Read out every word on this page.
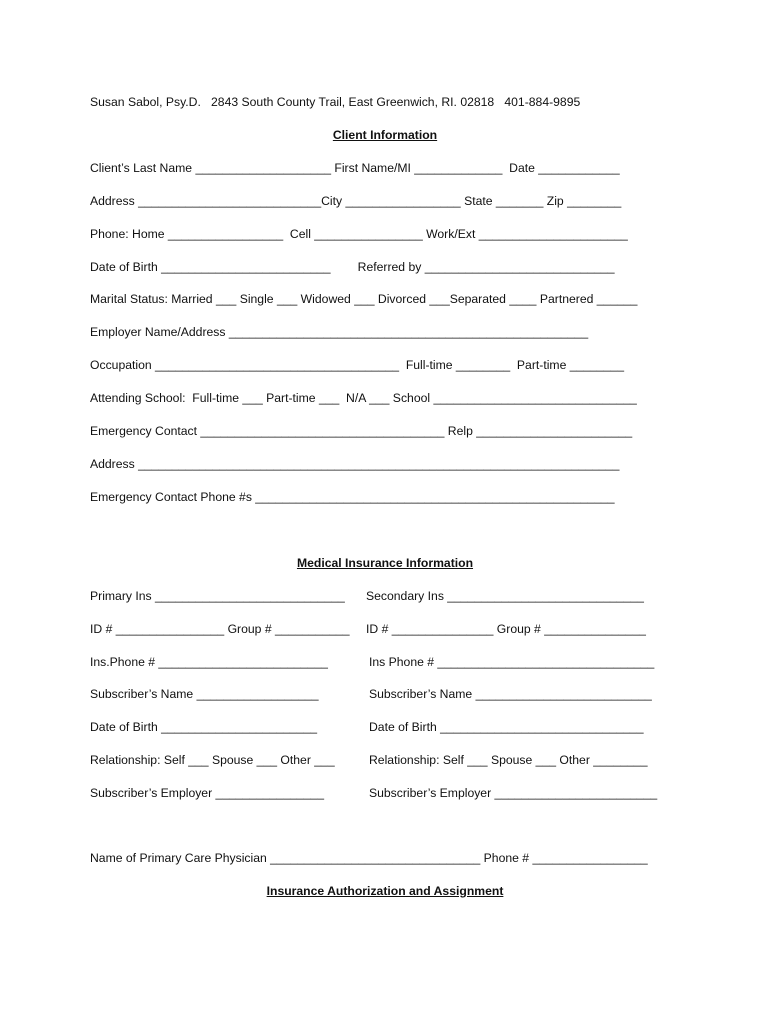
Susan Sabol, Psy.D.   2843 South County Trail, East Greenwich, RI. 02818   401-884-9895
Client Information
Client’s Last Name ____________________ First Name/MI _____________  Date ____________
Address ___________________________City _________________ State _______ Zip ________
Phone: Home _________________  Cell ________________ Work/Ext ______________________
Date of Birth _________________________        Referred by ____________________________
Marital Status: Married ___ Single ___ Widowed ___ Divorced ___Separated ____ Partnered ______
Employer Name/Address _____________________________________________________
Occupation ____________________________________  Full-time ________  Part-time ________
Attending School:  Full-time ___ Part-time ___  N/A ___ School ______________________________
Emergency Contact ____________________________________ Relp _______________________
Address _______________________________________________________________________
Emergency Contact Phone #s _____________________________________________________
Medical Insurance Information
Primary Ins ____________________________ Secondary Ins _____________________________
ID # ________________ Group # ___________ ID # _______________ Group # _______________
Ins.Phone # _________________________	Ins Phone # ________________________________
Subscriber’s Name __________________	Subscriber’s Name __________________________
Date of Birth _______________________	Date of Birth ______________________________
Relationship: Self ___ Spouse ___ Other ___	Relationship: Self ___ Spouse ___ Other ________
Subscriber’s Employer ________________	Subscriber’s Employer ________________________
Name of Primary Care Physician _______________________________ Phone # _________________
Insurance Authorization and Assignment
